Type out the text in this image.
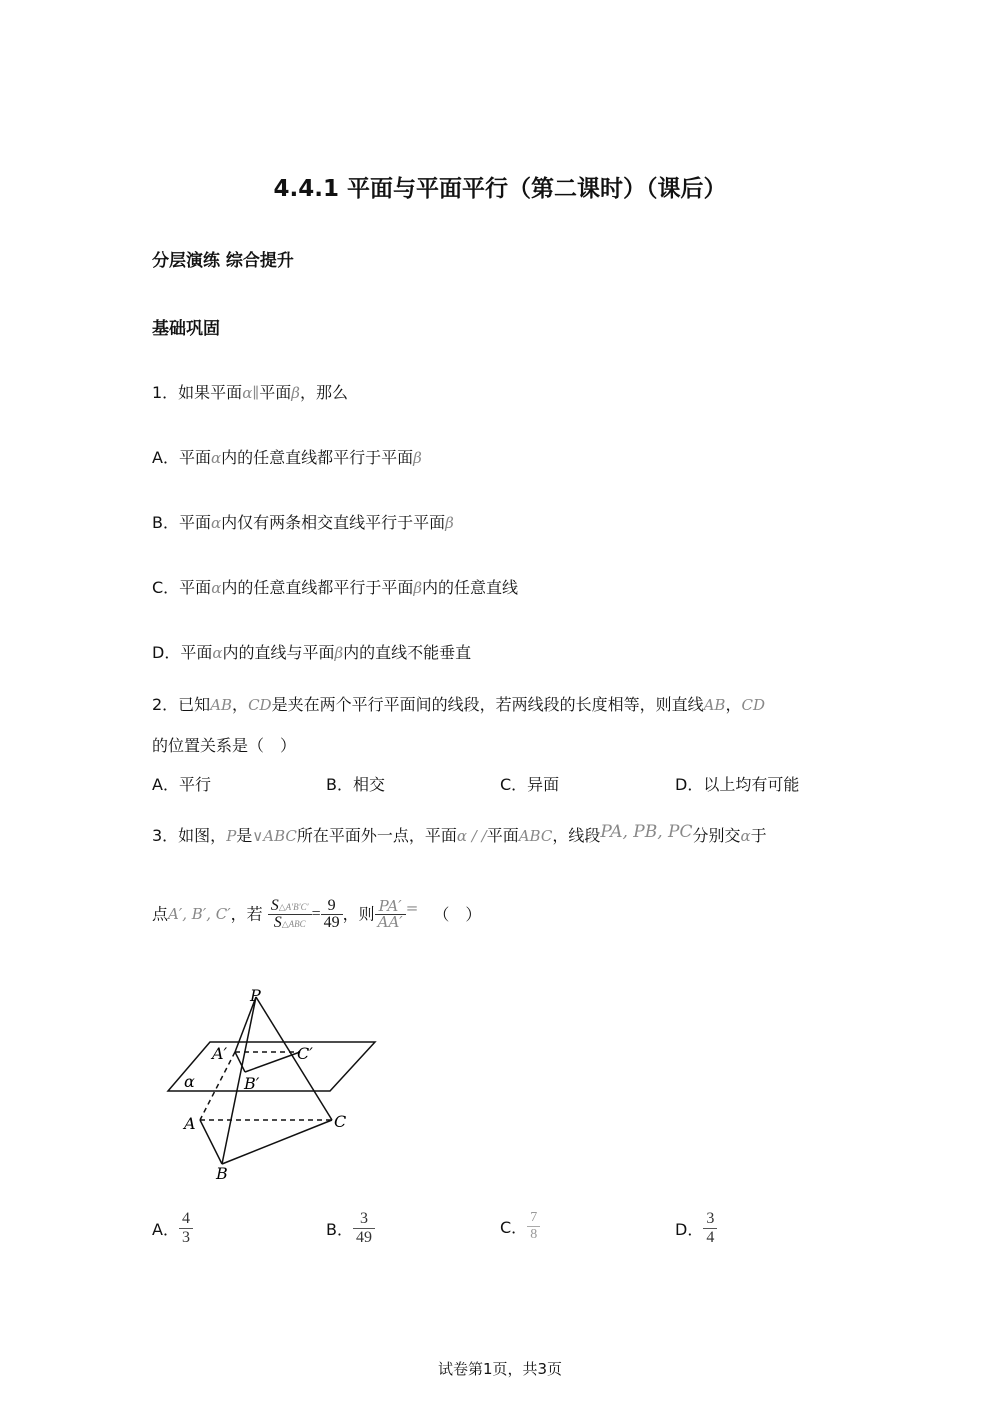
4.4.1 平面与平面平行（第二课时）（课后）
分层演练 综合提升
基础巩固
1．如果平面α∥平面β，那么
A．平面α内的任意直线都平行于平面β
B．平面α内仅有两条相交直线平行于平面β
C．平面α内的任意直线都平行于平面β内的任意直线
D．平面α内的直线与平面β内的直线不能垂直
2．已知AB，CD是夹在两个平行平面间的线段，若两线段的长度相等，则直线AB，CD
的位置关系是（　）
A．平行	B．相交	C．异面	D．以上均有可能
3．如图，P是∨ABC所在平面外一点，平面α / /平面ABC，线段PA, PB, PC分别交α于
点A′, B′, C′，若 $\frac{S\triangle A'B'C'}{\text{S△ABC}} = \frac{9}{49}$ ，则 $\frac{PA'}{AA'}$ = （　）
P
A′	C′
B′
α
A	C
B
A． $\frac{4}{3}$	B． $\frac{3}{49}$	C． $\frac{7}{8}$	D． $\frac{3}{4}$
试卷第1页，共3页
